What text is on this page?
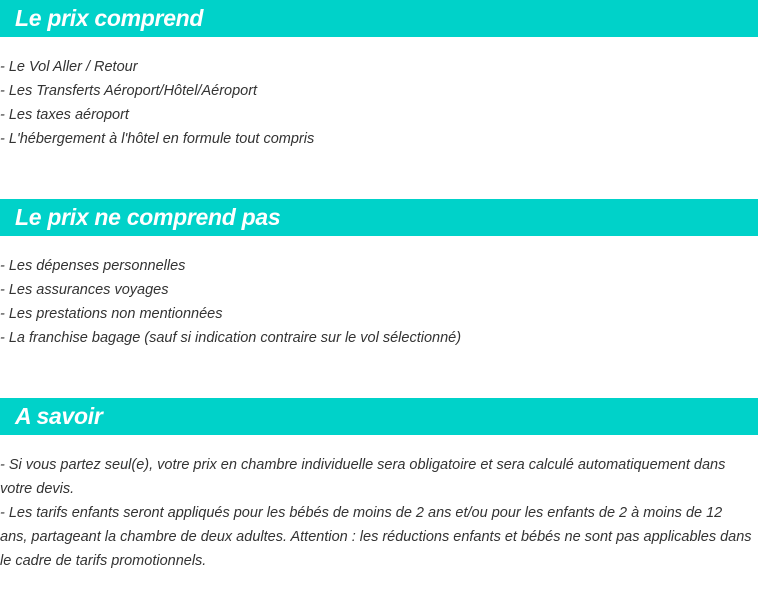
Le prix comprend
- Le Vol Aller / Retour
- Les Transferts Aéroport/Hôtel/Aéroport
- Les taxes aéroport
- L'hébergement à l'hôtel en formule tout compris
Le prix ne comprend pas
- Les dépenses personnelles
- Les assurances voyages
- Les prestations non mentionnées
- La franchise bagage (sauf si indication contraire sur le vol sélectionné)
A savoir
- Si vous partez seul(e), votre prix en chambre individuelle sera obligatoire et sera calculé automatiquement dans votre devis.
- Les tarifs enfants seront appliqués pour les bébés de moins de 2 ans et/ou pour les enfants de 2 à moins de 12 ans, partageant la chambre de deux adultes. Attention : les réductions enfants et bébés ne sont pas applicables dans le cadre de tarifs promotionnels.
